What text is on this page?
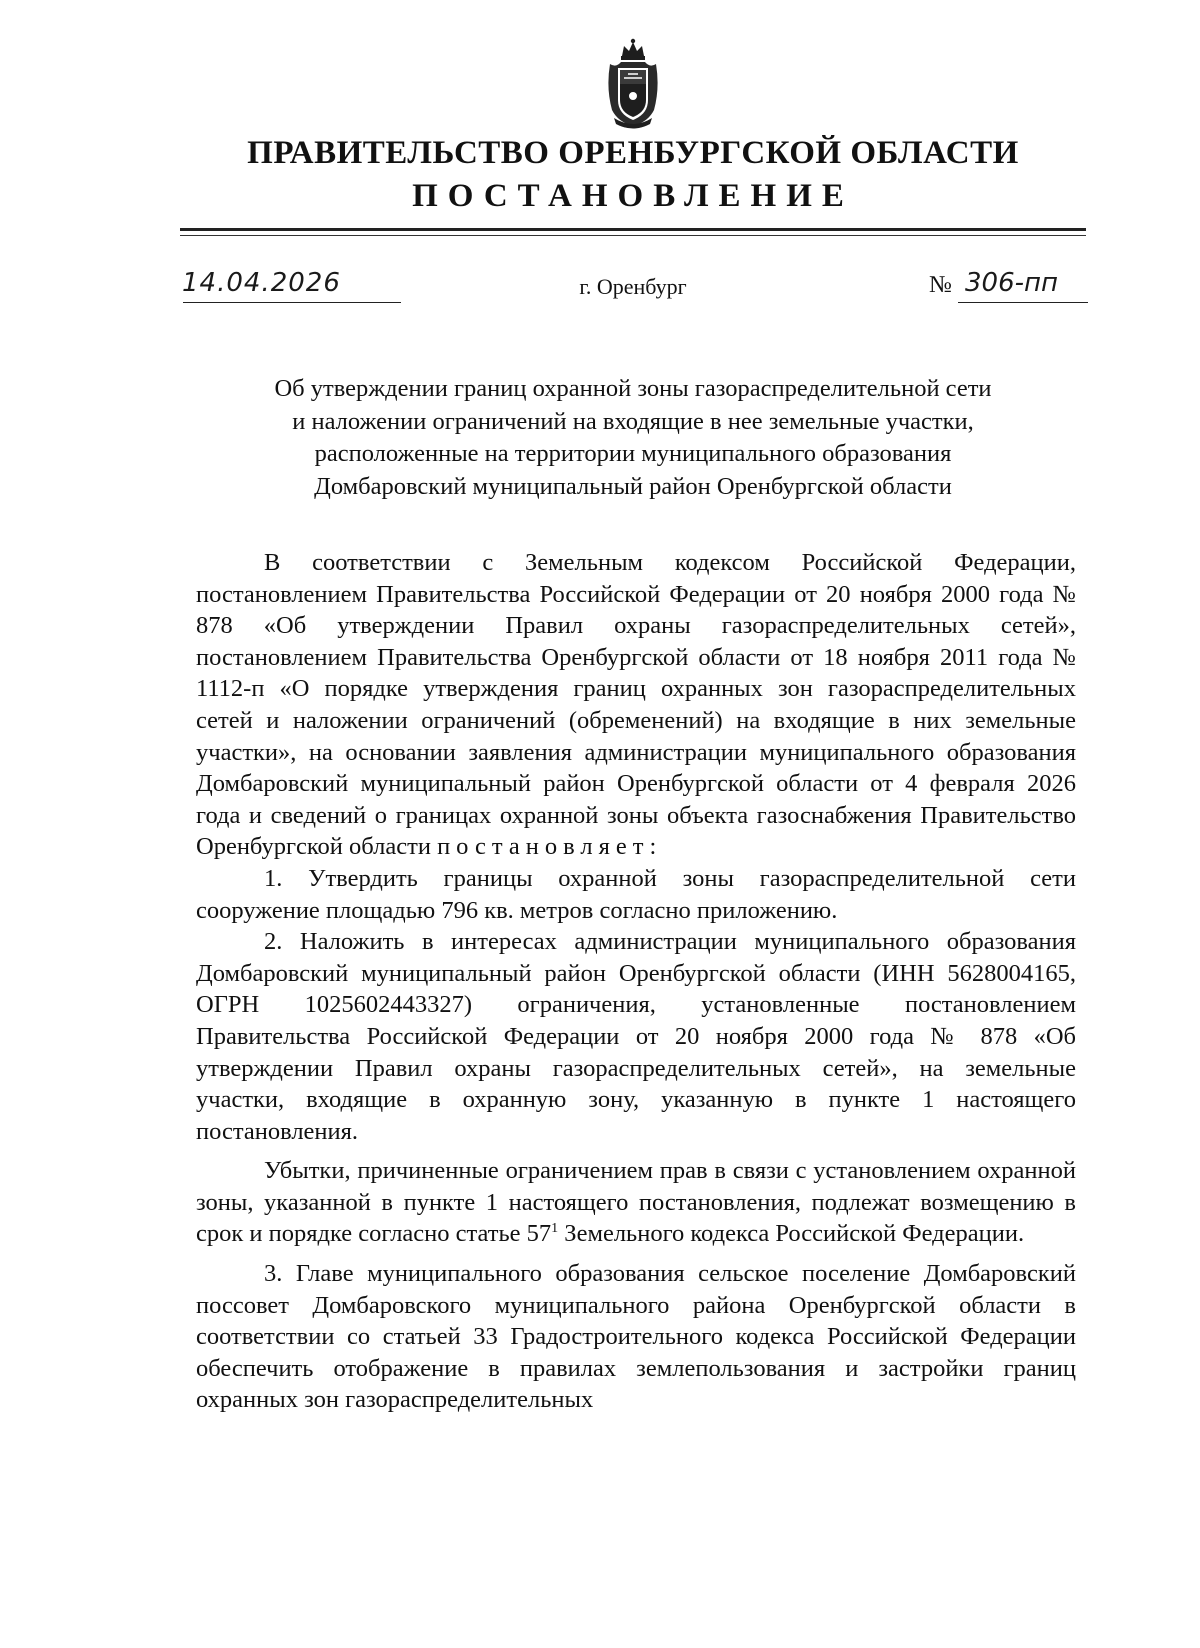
ПРАВИТЕЛЬСТВО ОРЕНБУРГСКОЙ ОБЛАСТИ
ПОСТАНОВЛЕНИЕ
14.04.2026	г. Оренбург	№ 306-пп
Об утверждении границ охранной зоны газораспределительной сети
и наложении ограничений на входящие в нее земельные участки,
расположенные на территории муниципального образования
Домбаровский муниципальный район Оренбургской области

В соответствии с Земельным кодексом Российской Федерации, постановлением Правительства Российской Федерации от 20 ноября 2000 года № 878 «Об утверждении Правил охраны газораспределительных сетей», постановлением Правительства Оренбургской области от 18 ноября 2011 года № 1112-п «О порядке утверждения границ охранных зон газораспределительных сетей и наложении ограничений (обременений) на входящие в них земельные участки», на основании заявления администрации муниципального образования Домбаровский муниципальный район Оренбургской области от 4 февраля 2026 года и сведений о границах охранной зоны объекта газоснабжения Правительство Оренбургской области постановляет:

1. Утвердить границы охранной зоны газораспределительной сети сооружение площадью 796 кв. метров согласно приложению.

2. Наложить в интересах администрации муниципального образования Домбаровский муниципальный район Оренбургской области (ИНН 5628004165, ОГРН 1025602443327) ограничения, установленные постановлением Правительства Российской Федерации от 20 ноября 2000 года № 878 «Об утверждении Правил охраны газораспределительных сетей», на земельные участки, входящие в охранную зону, указанную в пункте 1 настоящего постановления.

Убытки, причиненные ограничением прав в связи с установлением охранной зоны, указанной в пункте 1 настоящего постановления, подлежат возмещению в срок и порядке согласно статье $57^1$ Земельного кодекса Российской Федерации.

3. Главе муниципального образования сельское поселение Домбаровский поссовет Домбаровского муниципального района Оренбургской области в соответствии со статьей 33 Градостроительного кодекса Российской Федерации обеспечить отображение в правилах землепользования и застройки границ охранных зон газораспределительных
